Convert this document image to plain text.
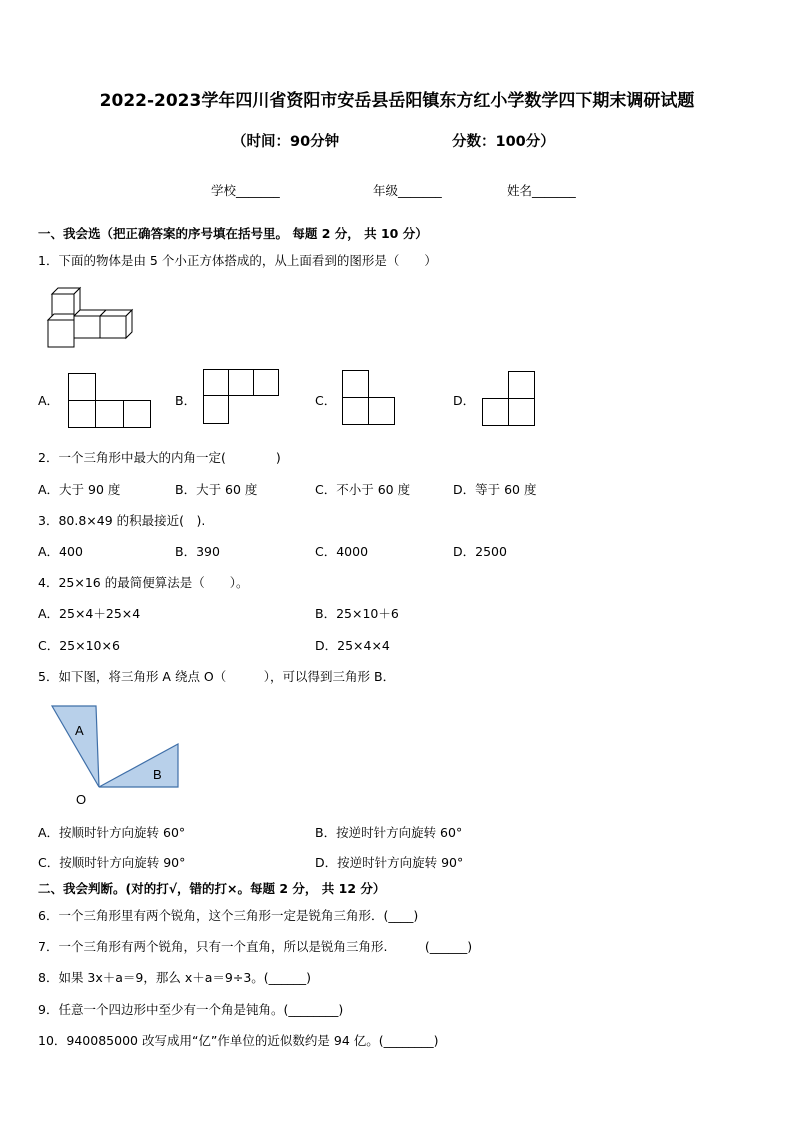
2022-2023学年四川省资阳市安岳县岳阳镇东方红小学数学四下期末调研试题
（时间：90分钟	分数：100分）
学校_______	年级_______	姓名_______
一、我会选（把正确答案的序号填在括号里。 每题 2 分， 共 10 分）
1．下面的物体是由 5 个小正方体搭成的，从上面看到的图形是（　　）
A．	B．	C．	D．
2．一个三角形中最大的内角一定(　　　　)
A．大于 90 度	B．大于 60 度	C．不小于 60 度	D．等于 60 度
3．80.8×49 的积最接近(　).
A．400	B．390	C．4000	D．2500
4．25×16 的最简便算法是（　　）。
A．25×4＋25×4	B．25×10＋6
C．25×10×6	D．25×4×4
5．如下图，将三角形 A 绕点 O（　　　），可以得到三角形 B．
A
B
O
A．按顺时针方向旋转 60°	B．按逆时针方向旋转 60°
C．按顺时针方向旋转 90°	D．按逆时针方向旋转 90°
二、我会判断。(对的打√，错的打×。每题 2 分， 共 12 分）
6．一个三角形里有两个锐角，这个三角形一定是锐角三角形．(____)
7．一个三角形有两个锐角，只有一个直角，所以是锐角三角形.　　　(______)
8．如果 3x＋a＝9，那么 x＋a＝9÷3。(______)
9．任意一个四边形中至少有一个角是钝角。(________)
10．940085000 改写成用“亿”作单位的近似数约是 94 亿。(________)
